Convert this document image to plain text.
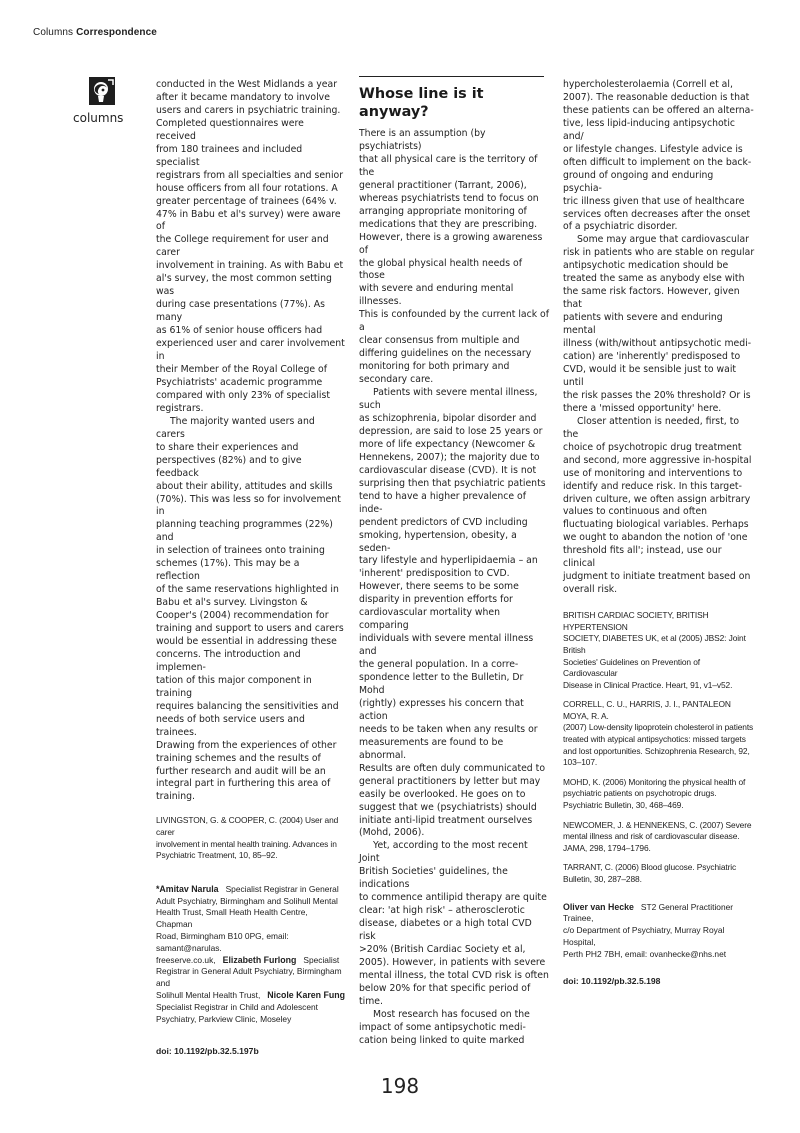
Columns Correspondence
columns

conducted in the West Midlands a year
after it became mandatory to involve
users and carers in psychiatric training.
Completed questionnaires were received
from 180 trainees and included specialist
registrars from all specialties and senior
house officers from all four rotations. A
greater percentage of trainees (64% v.
47% in Babu et al's survey) were aware of
the College requirement for user and carer
involvement in training. As with Babu et
al's survey, the most common setting was
during case presentations (77%). As many
as 61% of senior house officers had
experienced user and carer involvement in
their Member of the Royal College of
Psychiatrists' academic programme
compared with only 23% of specialist
registrars.

The majority wanted users and carers
to share their experiences and
perspectives (82%) and to give feedback
about their ability, attitudes and skills
(70%). This was less so for involvement in
planning teaching programmes (22%) and
in selection of trainees onto training
schemes (17%). This may be a reflection
of the same reservations highlighted in
Babu et al's survey. Livingston &
Cooper's (2004) recommendation for
training and support to users and carers
would be essential in addressing these
concerns. The introduction and implemen-
tation of this major component in training
requires balancing the sensitivities and
needs of both service users and trainees.
Drawing from the experiences of other
training schemes and the results of
further research and audit will be an
integral part in furthering this area of
training.

LIVINGSTON, G. & COOPER, C. (2004) User and carer
involvement in mental health training. Advances in
Psychiatric Treatment, 10, 85–92.

*Amitav Narula Specialist Registrar in General
Adult Psychiatry, Birmingham and Solihull Mental
Health Trust, Small Heath Health Centre, Chapman
Road, Birmingham B10 0PG, email: samant@narulas.
freeserve.co.uk, Elizabeth Furlong Specialist
Registrar in General Adult Psychiatry, Birmingham and
Solihull Mental Health Trust, Nicole Karen Fung
Specialist Registrar in Child and Adolescent
Psychiatry, Parkview Clinic, Moseley
doi: 10.1192/pb.32.5.197b
Whose line is it anyway?

There is an assumption (by psychiatrists)
that all physical care is the territory of the
general practitioner (Tarrant, 2006),
whereas psychiatrists tend to focus on
arranging appropriate monitoring of
medications that they are prescribing.
However, there is a growing awareness of
the global physical health needs of those
with severe and enduring mental illnesses.
This is confounded by the current lack of a
clear consensus from multiple and
differing guidelines on the necessary
monitoring for both primary and
secondary care.

Patients with severe mental illness, such
as schizophrenia, bipolar disorder and
depression, are said to lose 25 years or
more of life expectancy (Newcomer &
Hennekens, 2007); the majority due to
cardiovascular disease (CVD). It is not
surprising then that psychiatric patients
tend to have a higher prevalence of inde-
pendent predictors of CVD including
smoking, hypertension, obesity, a seden-
tary lifestyle and hyperlipidaemia – an
'inherent' predisposition to CVD.
However, there seems to be some
disparity in prevention efforts for
cardiovascular mortality when comparing
individuals with severe mental illness and
the general population. In a corre-
spondence letter to the Bulletin, Dr Mohd
(rightly) expresses his concern that action
needs to be taken when any results or
measurements are found to be abnormal.
Results are often duly communicated to
general practitioners by letter but may
easily be overlooked. He goes on to
suggest that we (psychiatrists) should
initiate anti-lipid treatment ourselves
(Mohd, 2006).

Yet, according to the most recent Joint
British Societies' guidelines, the indications
to commence antilipid therapy are quite
clear: 'at high risk' – atherosclerotic
disease, diabetes or a high total CVD risk
>20% (British Cardiac Society et al,
2005). However, in patients with severe
mental illness, the total CVD risk is often
below 20% for that specific period of
time.

Most research has focused on the
impact of some antipsychotic medi-
cation being linked to quite marked

hypercholesterolaemia (Correll et al,
2007). The reasonable deduction is that
these patients can be offered an alterna-
tive, less lipid-inducing antipsychotic and/
or lifestyle changes. Lifestyle advice is
often difficult to implement on the back-
ground of ongoing and enduring psychia-
tric illness given that use of healthcare
services often decreases after the onset
of a psychiatric disorder.

Some may argue that cardiovascular
risk in patients who are stable on regular
antipsychotic medication should be
treated the same as anybody else with
the same risk factors. However, given that
patients with severe and enduring mental
illness (with/without antipsychotic medi-
cation) are 'inherently' predisposed to
CVD, would it be sensible just to wait until
the risk passes the 20% threshold? Or is
there a 'missed opportunity' here.

Closer attention is needed, first, to the
choice of psychotropic drug treatment
and second, more aggressive in-hospital
use of monitoring and interventions to
identify and reduce risk. In this target-
driven culture, we often assign arbitrary
values to continuous and often
fluctuating biological variables. Perhaps
we ought to abandon the notion of 'one
threshold fits all'; instead, use our clinical
judgment to initiate treatment based on
overall risk.

BRITISH CARDIAC SOCIETY, BRITISH HYPERTENSION
SOCIETY, DIABETES UK, et al (2005) JBS2: Joint British
Societies' Guidelines on Prevention of Cardiovascular
Disease in Clinical Practice. Heart, 91, v1–v52.

CORRELL, C. U., HARRIS, J. I., PANTALEON MOYA, R. A.
(2007) Low-density lipoprotein cholesterol in patients
treated with atypical antipsychotics: missed targets
and lost opportunities. Schizophrenia Research, 92,
103–107.

MOHD, K. (2006) Monitoring the physical health of
psychiatric patients on psychotropic drugs.
Psychiatric Bulletin, 30, 468–469.

NEWCOMER, J. & HENNEKENS, C. (2007) Severe
mental illness and risk of cardiovascular disease.
JAMA, 298, 1794–1796.

TARRANT, C. (2006) Blood glucose. Psychiatric
Bulletin, 30, 287–288.

Oliver van Hecke ST2 General Practitioner Trainee,
c/o Department of Psychiatry, Murray Royal Hospital,
Perth PH2 7BH, email: ovanhecke@nhs.net
doi: 10.1192/pb.32.5.198
198
